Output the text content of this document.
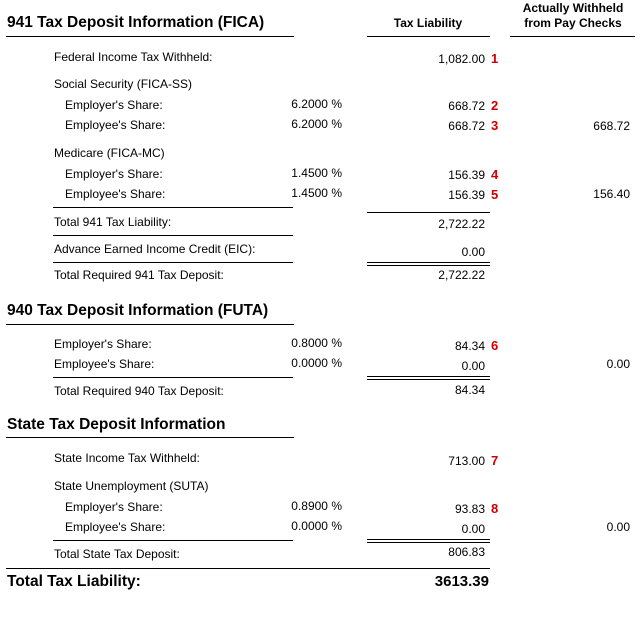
Tax Liability
Actually Withheld
from Pay Checks
941 Tax Deposit Information (FICA)
Federal Income Tax Withheld:	1,082.00 1
Social Security (FICA-SS)
Employer's Share:	6.2000 %	668.72 2
Employee's Share:	6.2000 %	668.72 3	668.72
Medicare (FICA-MC)
Employer's Share:	1.4500 %	156.39 4
Employee's Share:	1.4500 %	156.39 5	156.40
Total 941 Tax Liability:	2,722.22
Advance Earned Income Credit (EIC):	0.00
Total Required 941 Tax Deposit:	2,722.22
940 Tax Deposit Information (FUTA)
Employer's Share:	0.8000 %	84.34 6
Employee's Share:	0.0000 %	0.00	0.00
Total Required 940 Tax Deposit:	84.34
State Tax Deposit Information
State Income Tax Withheld:	713.00 7
State Unemployment (SUTA)
Employer's Share:	0.8900 %	93.83 8
Employee's Share:	0.0000 %	0.00	0.00
Total State Tax Deposit:	806.83
Total Tax Liability:	3613.39
